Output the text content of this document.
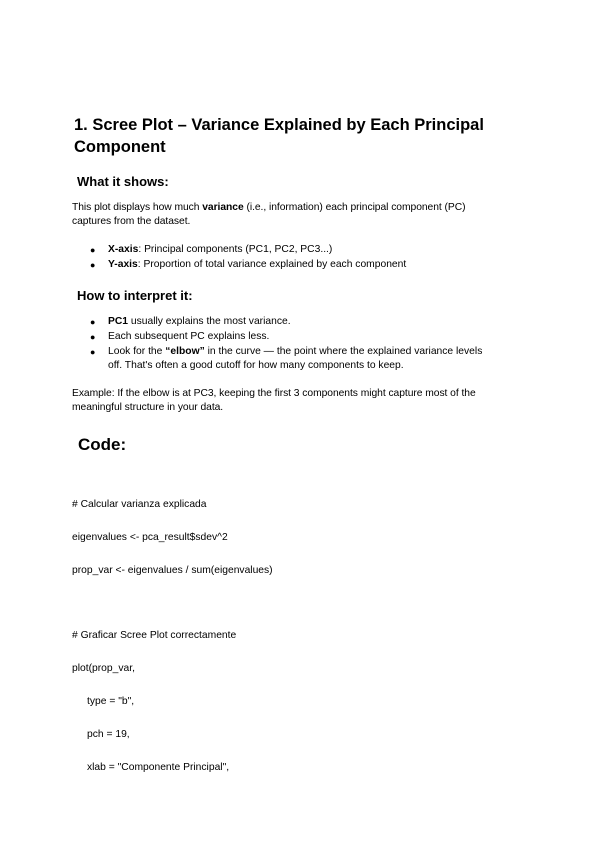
1. Scree Plot – Variance Explained by Each Principal
Component
What it shows:
This plot displays how much variance (i.e., information) each principal component (PC)
captures from the dataset.
●	X-axis: Principal components (PC1, PC2, PC3...)
●	Y-axis: Proportion of total variance explained by each component
How to interpret it:
●	PC1 usually explains the most variance.
●	Each subsequent PC explains less.
●	Look for the “elbow” in the curve — the point where the explained variance levels
off. That's often a good cutoff for how many components to keep.
Example: If the elbow is at PC3, keeping the first 3 components might capture most of the
meaningful structure in your data.
Code:
# Calcular varianza explicada
eigenvalues <- pca_result$sdev^2
prop_var <- eigenvalues / sum(eigenvalues)
# Graficar Scree Plot correctamente
plot(prop_var,
type = "b",
pch = 19,
xlab = "Componente Principal",
